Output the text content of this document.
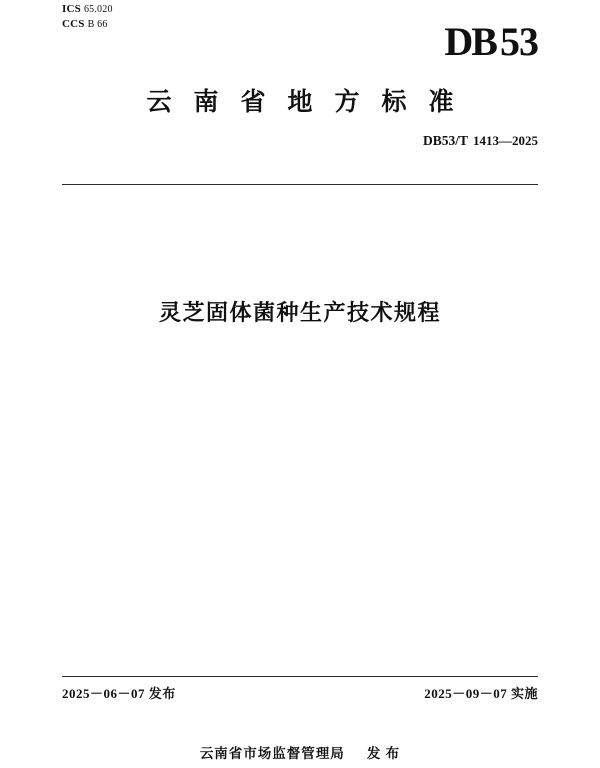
ICS 65.020
CCS B 66	DB 53
云南省地方标准
DB53/T 1413—2025
灵芝固体菌种生产技术规程
2025－06－07 发布	2025－09－07 实施
云南省市场监督管理局 发 布
